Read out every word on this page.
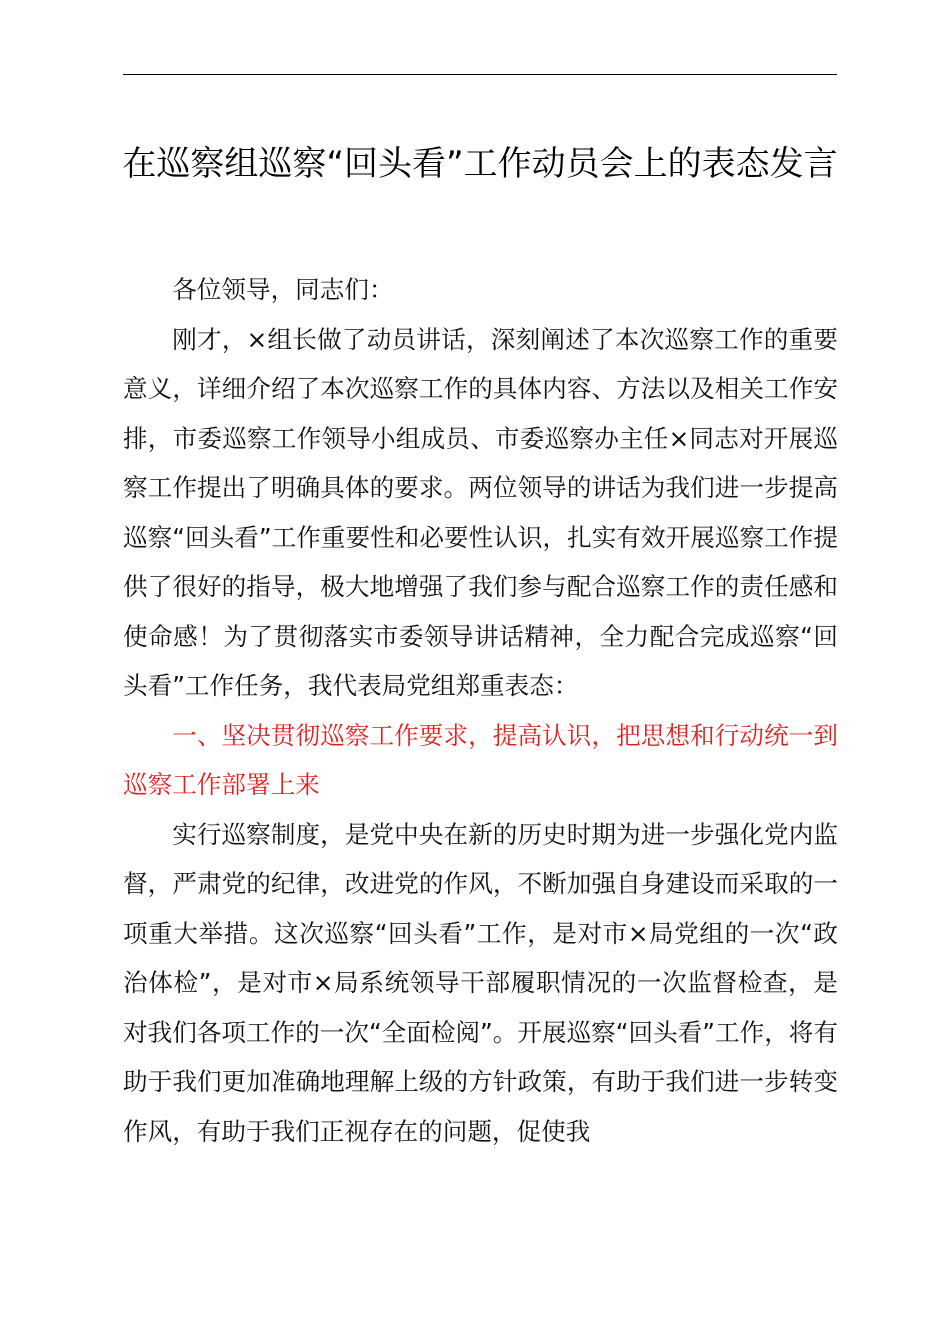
在巡察组巡察“回头看”工作动员会上的表态发言

各位领导，同志们：

刚才，×组长做了动员讲话，深刻阐述了本次巡察工作的重要意义，详细介绍了本次巡察工作的具体内容、方法以及相关工作安排，市委巡察工作领导小组成员、市委巡察办主任×同志对开展巡察工作提出了明确具体的要求。两位领导的讲话为我们进一步提高巡察“回头看”工作重要性和必要性认识，扎实有效开展巡察工作提供了很好的指导，极大地增强了我们参与配合巡察工作的责任感和使命感！为了贯彻落实市委领导讲话精神，全力配合完成巡察“回头看”工作任务，我代表局党组郑重表态：

一、坚决贯彻巡察工作要求，提高认识，把思想和行动统一到巡察工作部署上来

实行巡察制度，是党中央在新的历史时期为进一步强化党内监督，严肃党的纪律，改进党的作风，不断加强自身建设而采取的一项重大举措。这次巡察“回头看”工作，是对市×局党组的一次“政治体检”，是对市×局系统领导干部履职情况的一次监督检查，是对我们各项工作的一次“全面检阅”。开展巡察“回头看”工作，将有助于我们更加准确地理解上级的方针政策，有助于我们进一步转变作风，有助于我们正视存在的问题，促使我
